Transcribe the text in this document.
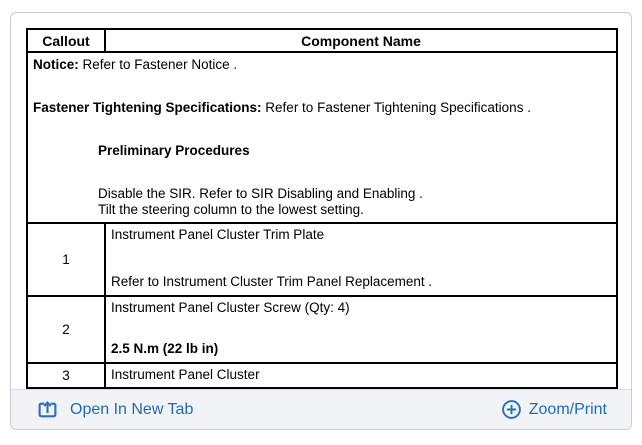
Callout	Component Name

Notice: Refer to Fastener Notice .

Fastener Tightening Specifications: Refer to Fastener Tightening Specifications .

Preliminary Procedures

Disable the SIR. Refer to SIR Disabling and Enabling .

Tilt the steering column to the lowest setting.	

1	Instrument Panel Cluster Trim Plate
Refer to Instrument Cluster Trim Panel Replacement .

2	Instrument Panel Cluster Screw (Qty: 4)
2.5 N.m (22 lb in)

3	Instrument Panel Cluster
Open In New Tab	Zoom/Print
